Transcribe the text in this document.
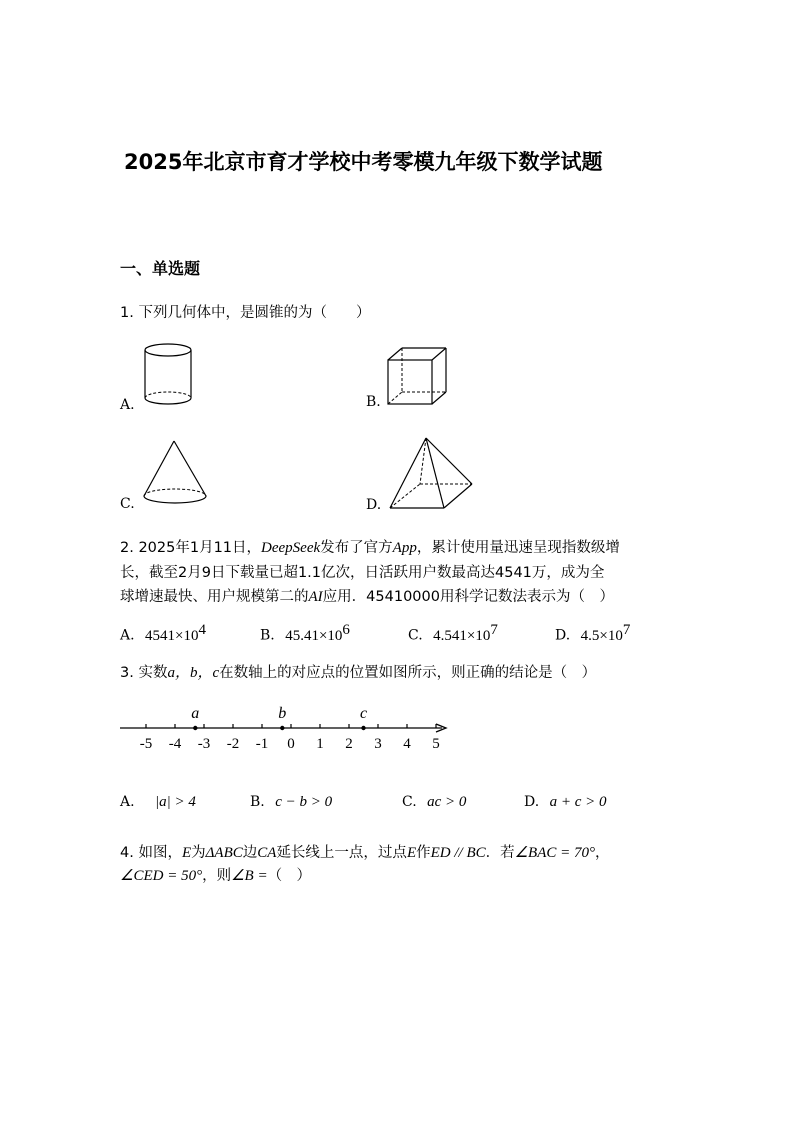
2025年北京市育才学校中考零模九年级下数学试题
一、单选题
1. 下列几何体中，是圆锥的为（　　）
A.	B.
C.	D.
2. 2025年1月11日，DeepSeek发布了官方App，累计使用量迅速呈现指数级增
长，截至2月9日下载量已超1.1亿次，日活跃用户数最高达4541万，成为全
球增速最快、用户规模第二的AI应用．45410000用科学记数法表示为（　）
A. $4541\times 10^4$	B. $45.41\times 10^6$	C. $4.541\times 10^7$	D. $4.5\times 10^7$
3. 实数a，b，c在数轴上的对应点的位置如图所示，则正确的结论是（　）
-5 -4 -3 -2 -1 0 1 2 3 4 5
a	b	c
A. |a| > 4	B. c − b > 0	C. ac > 0	D. a + c > 0
4. 如图，E为ΔABC边CA延长线上一点，过点E作ED // BC．若∠BAC = 70°，
∠CED = 50°，则∠B =（　）
